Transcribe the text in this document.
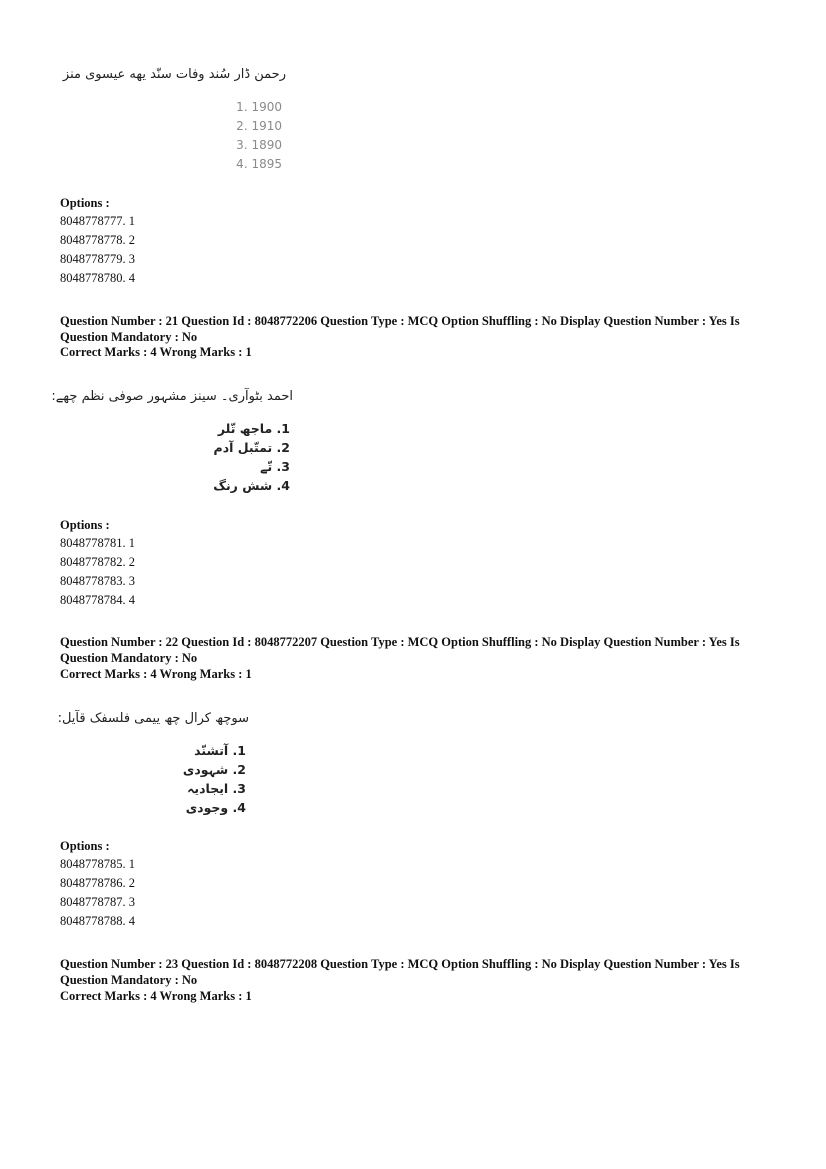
رحمن ڈار سُند وفات سنّد يهه عيسوى منز
1900 .1
1910 .2
1890 .3
1895 .4
Options :
8048778777. 1
8048778778. 2
8048778779. 3
8048778780. 4
Question Number : 21 Question Id : 8048772206 Question Type : MCQ Option Shuffling : No Display Question Number : Yes Is
Question Mandatory : No
Correct Marks : 4 Wrong Marks : 1
احمد بٹوآری۔ سینز مشہور صوفی نظم چھے:
1. ماجھ تّلر
2. تمتّبل آدم
3. تّے
4. شش رنگ
Options :
8048778781. 1
8048778782. 2
8048778783. 3
8048778784. 4
Question Number : 22 Question Id : 8048772207 Question Type : MCQ Option Shuffling : No Display Question Number : Yes Is
Question Mandatory : No
Correct Marks : 4 Wrong Marks : 1
سوچھ کرال چھ ییمی فلسفک قآیل:
1. آتشنّد
2. شہودی
3. ایجادیہ
4. وجودی
Options :
8048778785. 1
8048778786. 2
8048778787. 3
8048778788. 4
Question Number : 23 Question Id : 8048772208 Question Type : MCQ Option Shuffling : No Display Question Number : Yes Is
Question Mandatory : No
Correct Marks : 4 Wrong Marks : 1
